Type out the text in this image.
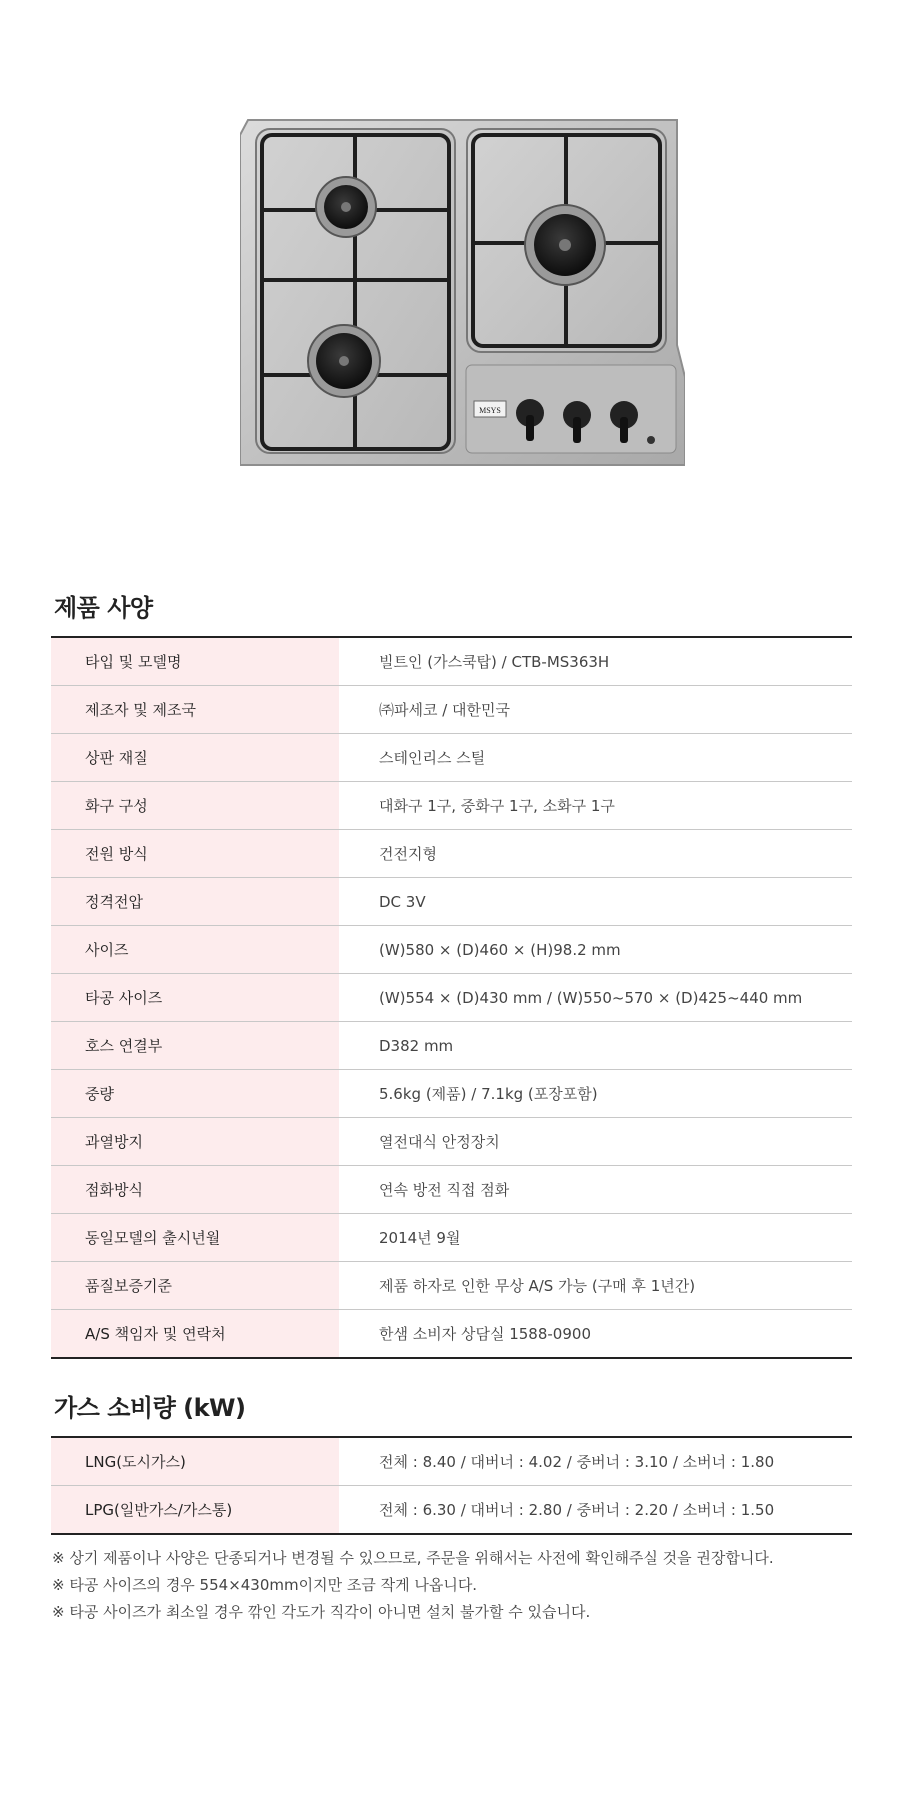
MSYS
제품 사양
타입 및 모델명	빌트인 (가스쿡탑) / CTB-MS363H
제조자 및 제조국	㈜파세코 / 대한민국
상판 재질	스테인리스 스틸
화구 구성	대화구 1구, 중화구 1구, 소화구 1구
전원 방식	건전지형
정격전압	DC 3V
사이즈	(W)580 × (D)460 × (H)98.2 mm
타공 사이즈	(W)554 × (D)430 mm / (W)550~570 × (D)425~440 mm
호스 연결부	D382 mm
중량	5.6kg (제품) / 7.1kg (포장포함)
과열방지	열전대식 안정장치
점화방식	연속 방전 직접 점화
동일모델의 출시년월	2014년 9월
품질보증기준	제품 하자로 인한 무상 A/S 가능 (구매 후 1년간)
A/S 책임자 및 연락처	한샘 소비자 상담실 1588-0900
가스 소비량 (kW)
LNG(도시가스)	전체 : 8.40 / 대버너 : 4.02 / 중버너 : 3.10 / 소버너 : 1.80
LPG(일반가스/가스통)	전체 : 6.30 / 대버너 : 2.80 / 중버너 : 2.20 / 소버너 : 1.50
※ 상기 제품이나 사양은 단종되거나 변경될 수 있으므로, 주문을 위해서는 사전에 확인해주실 것을 권장합니다.
※ 타공 사이즈의 경우 554×430mm이지만 조금 작게 나옵니다.
※ 타공 사이즈가 최소일 경우 깎인 각도가 직각이 아니면 설치 불가할 수 있습니다.
